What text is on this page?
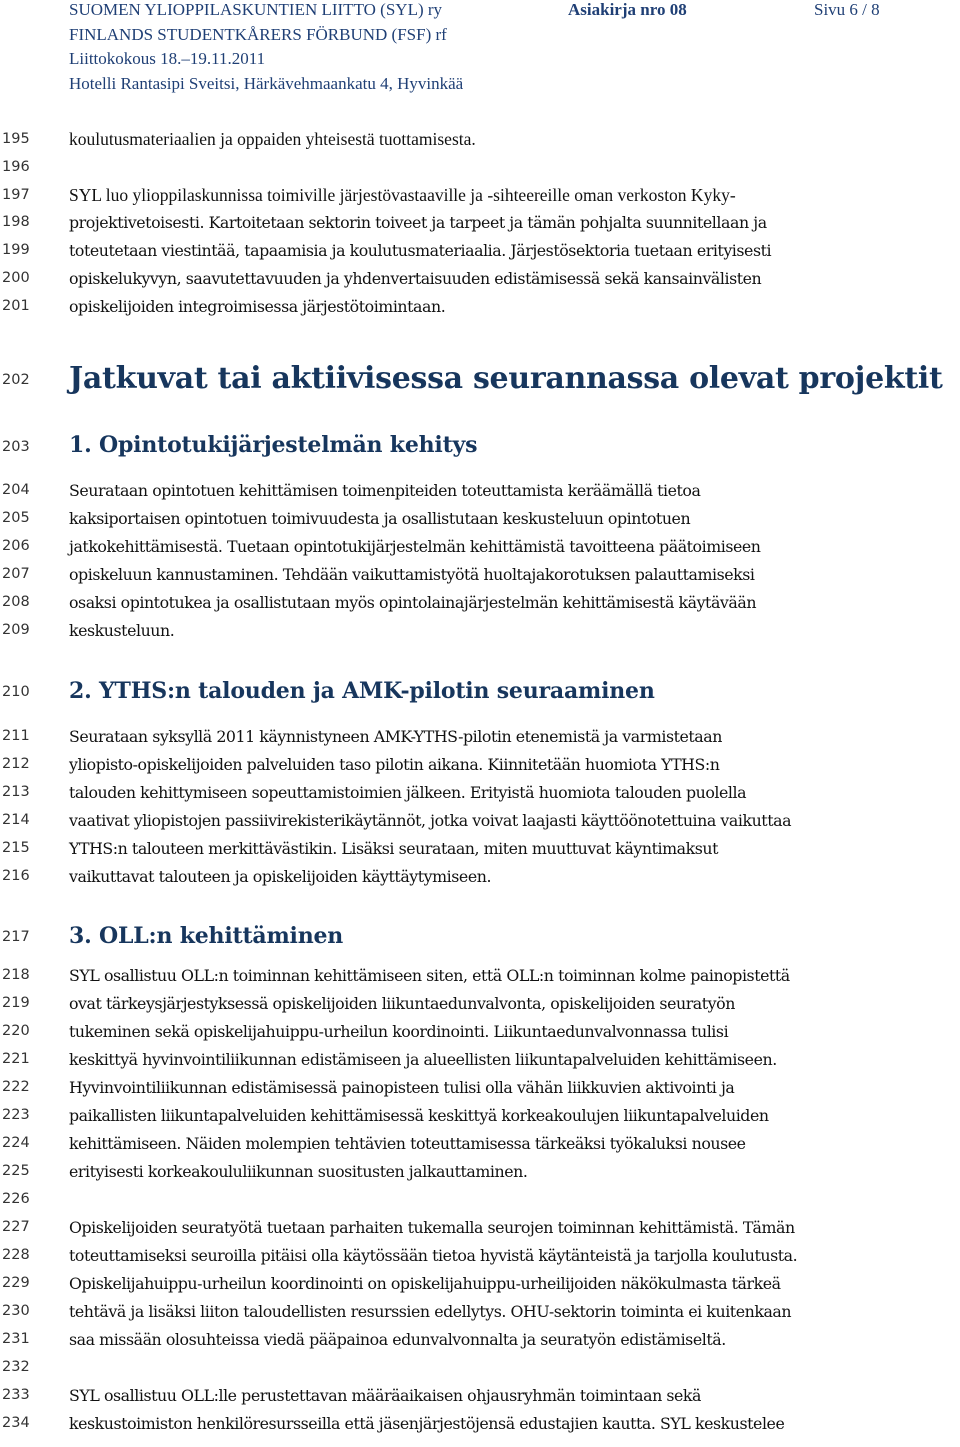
SUOMEN YLIOPPILASKUNTIEN LIITTO (SYL) ry	Asiakirja nro 08	Sivu 6 / 8
FINLANDS STUDENTKÅRERS FÖRBUND (FSF) rf
Liittokokous 18.–19.11.2011
Hotelli Rantasipi Sveitsi, Härkävehmaankatu 4, Hyvinkää
195
196
197
198
199
200
201
202
203
204
205
206
207
208
209
210
211
212
213
214
215
216
217
218
219
220
221
222
223
224
225
226
227
228
229
230
231
232
233
234
koulutusmateriaalien ja oppaiden yhteisestä tuottamisesta.
SYL luo ylioppilaskunnissa toimiville järjestövastaaville ja -sihteereille oman verkoston Kyky-
projektivetoisesti. Kartoitetaan sektorin toiveet ja tarpeet ja tämän pohjalta suunnitellaan ja
toteutetaan viestintää, tapaamisia ja koulutusmateriaalia. Järjestösektoria tuetaan erityisesti
opiskelukyvyn, saavutettavuuden ja yhdenvertaisuuden edistämisessä sekä kansainvälisten
opiskelijoiden integroimisessa järjestötoimintaan.
Jatkuvat tai aktiivisessa seurannassa olevat projektit
1. Opintotukijärjestelmän kehitys
Seurataan opintotuen kehittämisen toimenpiteiden toteuttamista keräämällä tietoa
kaksiportaisen opintotuen toimivuudesta ja osallistutaan keskusteluun opintotuen
jatkokehittämisestä. Tuetaan opintotukijärjestelmän kehittämistä tavoitteena päätoimiseen
opiskeluun kannustaminen. Tehdään vaikuttamistyötä huoltajakorotuksen palauttamiseksi
osaksi opintotukea ja osallistutaan myös opintolainajärjestelmän kehittämisestä käytävään
keskusteluun.
2. YTHS:n talouden ja AMK-pilotin seuraaminen
Seurataan syksyllä 2011 käynnistyneen AMK-YTHS-pilotin etenemistä ja varmistetaan
yliopisto-opiskelijoiden palveluiden taso pilotin aikana. Kiinnitetään huomiota YTHS:n
talouden kehittymiseen sopeuttamistoimien jälkeen. Erityistä huomiota talouden puolella
vaativat yliopistojen passiivirekisterikäytännöt, jotka voivat laajasti käyttöönotettuina vaikuttaa
YTHS:n talouteen merkittävästikin. Lisäksi seurataan, miten muuttuvat käyntimaksut
vaikuttavat talouteen ja opiskelijoiden käyttäytymiseen.
3. OLL:n kehittäminen
SYL osallistuu OLL:n toiminnan kehittämiseen siten, että OLL:n toiminnan kolme painopistettä
ovat tärkeysjärjestyksessä opiskelijoiden liikuntaedunvalvonta, opiskelijoiden seuratyön
tukeminen sekä opiskelijahuippu-urheilun koordinointi. Liikuntaedunvalvonnassa tulisi
keskittyä hyvinvointiliikunnan edistämiseen ja alueellisten liikuntapalveluiden kehittämiseen.
Hyvinvointiliikunnan edistämisessä painopisteen tulisi olla vähän liikkuvien aktivointi ja
paikallisten liikuntapalveluiden kehittämisessä keskittyä korkeakoulujen liikuntapalveluiden
kehittämiseen. Näiden molempien tehtävien toteuttamisessa tärkeäksi työkaluksi nousee
erityisesti korkeakoululiikunnan suositusten jalkauttaminen.
Opiskelijoiden seuratyötä tuetaan parhaiten tukemalla seurojen toiminnan kehittämistä. Tämän
toteuttamiseksi seuroilla pitäisi olla käytössään tietoa hyvistä käytänteistä ja tarjolla koulutusta.
Opiskelijahuippu-urheilun koordinointi on opiskelijahuippu-urheilijoiden näkökulmasta tärkeä
tehtävä ja lisäksi liiton taloudellisten resurssien edellytys. OHU-sektorin toiminta ei kuitenkaan
saa missään olosuhteissa viedä pääpainoa edunvalvonnalta ja seuratyön edistämiseltä.
SYL osallistuu OLL:lle perustettavan määräaikaisen ohjausryhmän toimintaan sekä
keskustoimiston henkilöresursseilla että jäsenjärjestöjensä edustajien kautta. SYL keskustelee
